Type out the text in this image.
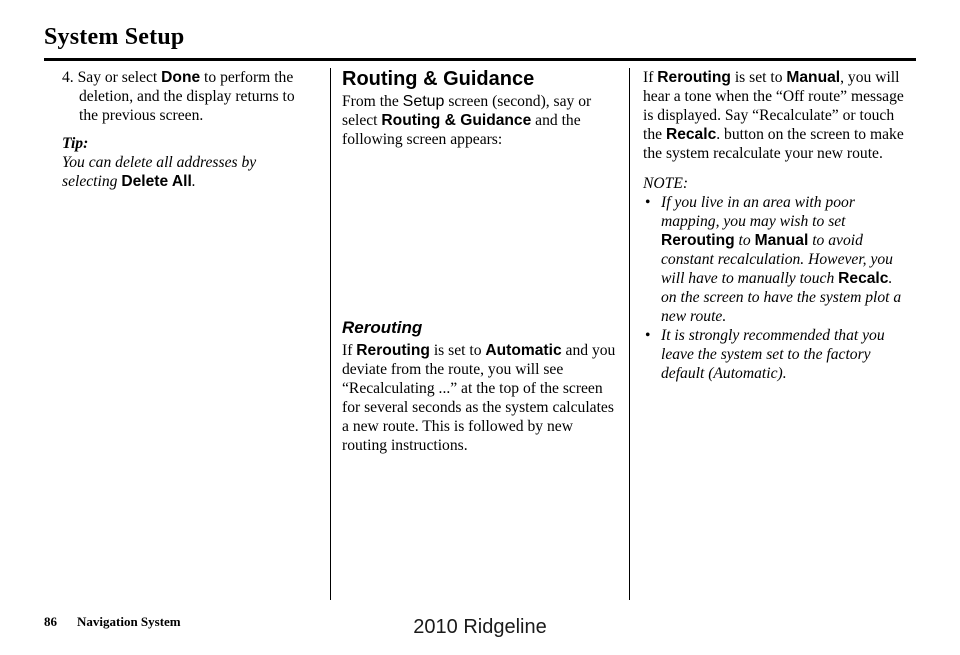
System Setup

4. Say or select Done to perform the deletion, and the display returns to the previous screen.

Tip:

You can delete all addresses by selecting Delete All.

Routing & Guidance

From the Setup screen (second), say or select Routing & Guidance and the following screen appears:

Rerouting

If Rerouting is set to Automatic and you deviate from the route, you will see “Recalculating ...” at the top of the screen for several seconds as the system calculates a new route. This is followed by new routing instructions.

If Rerouting is set to Manual, you will hear a tone when the “Off route” message is displayed. Say “Recalculate” or touch the Recalc. button on the screen to make the system recalculate your new route.

NOTE:

• If you live in an area with poor mapping, you may wish to set Rerouting to Manual to avoid constant recalculation. However, you will have to manually touch Recalc. on the screen to have the system plot a new route.
• It is strongly recommended that you leave the system set to the factory default (Automatic).
86 Navigation System	2010 Ridgeline
